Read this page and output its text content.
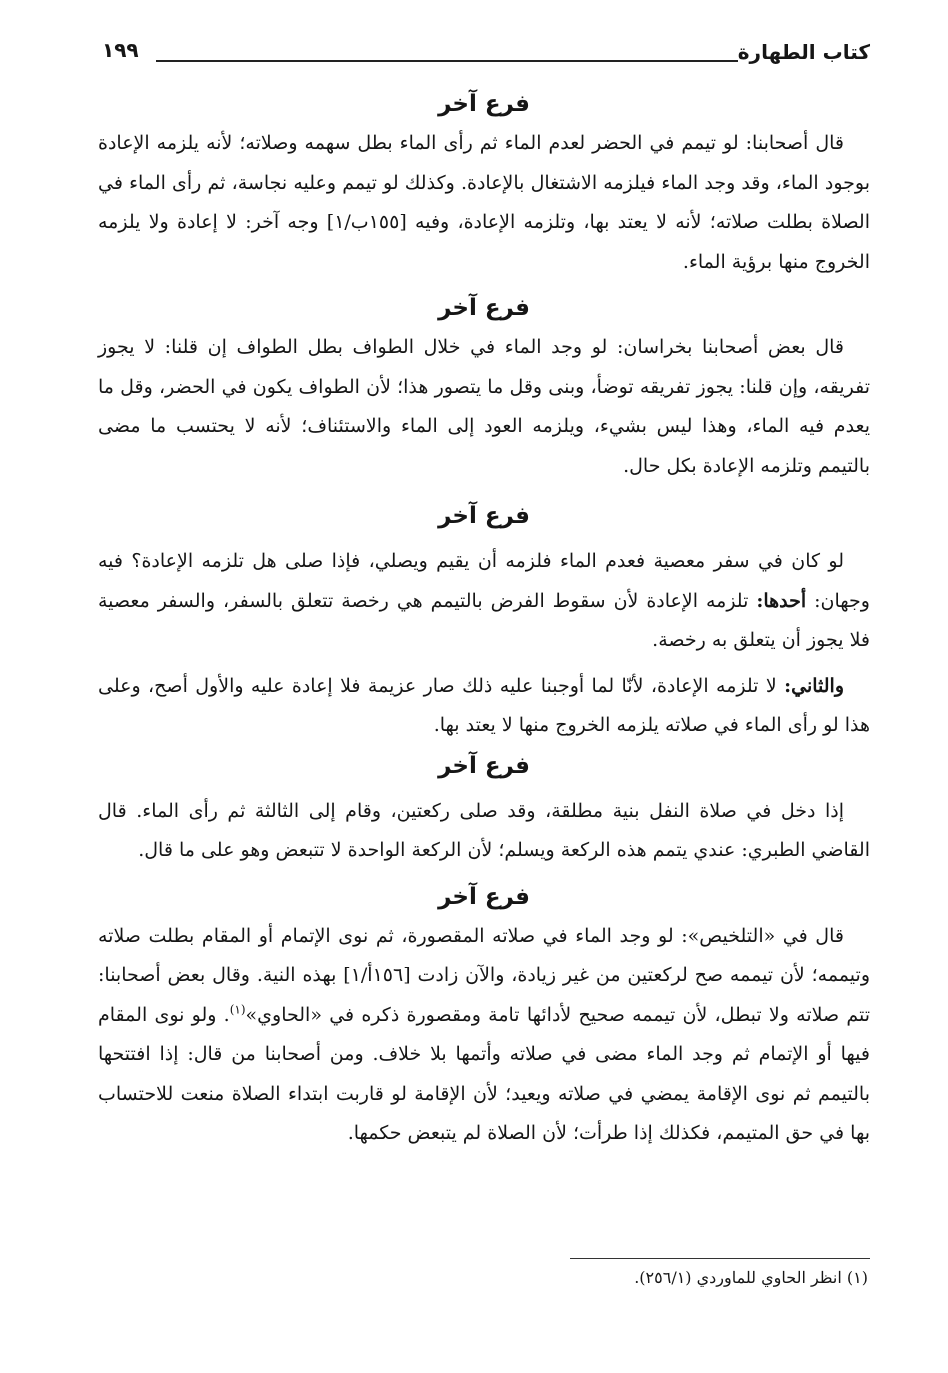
كتاب الطهارة
١٩٩
فرع آخر

قال أصحابنا: لو تيمم في الحضر لعدم الماء ثم رأى الماء بطل سهمه وصلاته؛ لأنه يلزمه الإعادة بوجود الماء، وقد وجد الماء فيلزمه الاشتغال بالإعادة. وكذلك لو تيمم وعليه نجاسة، ثم رأى الماء في الصلاة بطلت صلاته؛ لأنه لا يعتد بها، وتلزمه الإعادة، وفيه [١٥٥ب/١] وجه آخر: لا إعادة ولا يلزمه الخروج منها برؤية الماء.

فرع آخر

قال بعض أصحابنا بخراسان: لو وجد الماء في خلال الطواف بطل الطواف إن قلنا: لا يجوز تفريقه، وإن قلنا: يجوز تفريقه توضأ، وبنى وقل ما يتصور هذا؛ لأن الطواف يكون في الحضر، وقل ما يعدم فيه الماء، وهذا ليس بشيء، ويلزمه العود إلى الماء والاستئناف؛ لأنه لا يحتسب ما مضى بالتيمم وتلزمه الإعادة بكل حال.

فرع آخر

لو كان في سفر معصية فعدم الماء فلزمه أن يقيم ويصلي، فإذا صلى هل تلزمه الإعادة؟ فيه وجهان: أحدها: تلزمه الإعادة لأن سقوط الفرض بالتيمم هي رخصة تتعلق بالسفر، والسفر معصية فلا يجوز أن يتعلق به رخصة.

والثاني: لا تلزمه الإعادة، لأنّا لما أوجبنا عليه ذلك صار عزيمة فلا إعادة عليه والأول أصح، وعلى هذا لو رأى الماء في صلاته يلزمه الخروج منها لا يعتد بها.

فرع آخر

إذا دخل في صلاة النفل بنية مطلقة، وقد صلى ركعتين، وقام إلى الثالثة ثم رأى الماء. قال القاضي الطبري: عندي يتمم هذه الركعة ويسلم؛ لأن الركعة الواحدة لا تتبعض وهو على ما قال.

فرع آخر

قال في «التلخيص»: لو وجد الماء في صلاته المقصورة، ثم نوى الإتمام أو المقام بطلت صلاته وتيممه؛ لأن تيممه صح لركعتين من غير زيادة، والآن زادت [١٥٦أ/١] بهذه النية. وقال بعض أصحابنا: تتم صلاته ولا تبطل، لأن تيممه صحيح لأدائها تامة ومقصورة ذكره في «الحاوي»$^{(١)}$. ولو نوى المقام فيها أو الإتمام ثم وجد الماء مضى في صلاته وأتمها بلا خلاف. ومن أصحابنا من قال: إذا افتتحها بالتيمم ثم نوى الإقامة يمضي في صلاته ويعيد؛ لأن الإقامة لو قاربت ابتداء الصلاة منعت للاحتساب بها في حق المتيمم، فكذلك إذا طرأت؛ لأن الصلاة لم يتبعض حكمها.

(١) انظر الحاوي للماوردي (٢٥٦/١).
